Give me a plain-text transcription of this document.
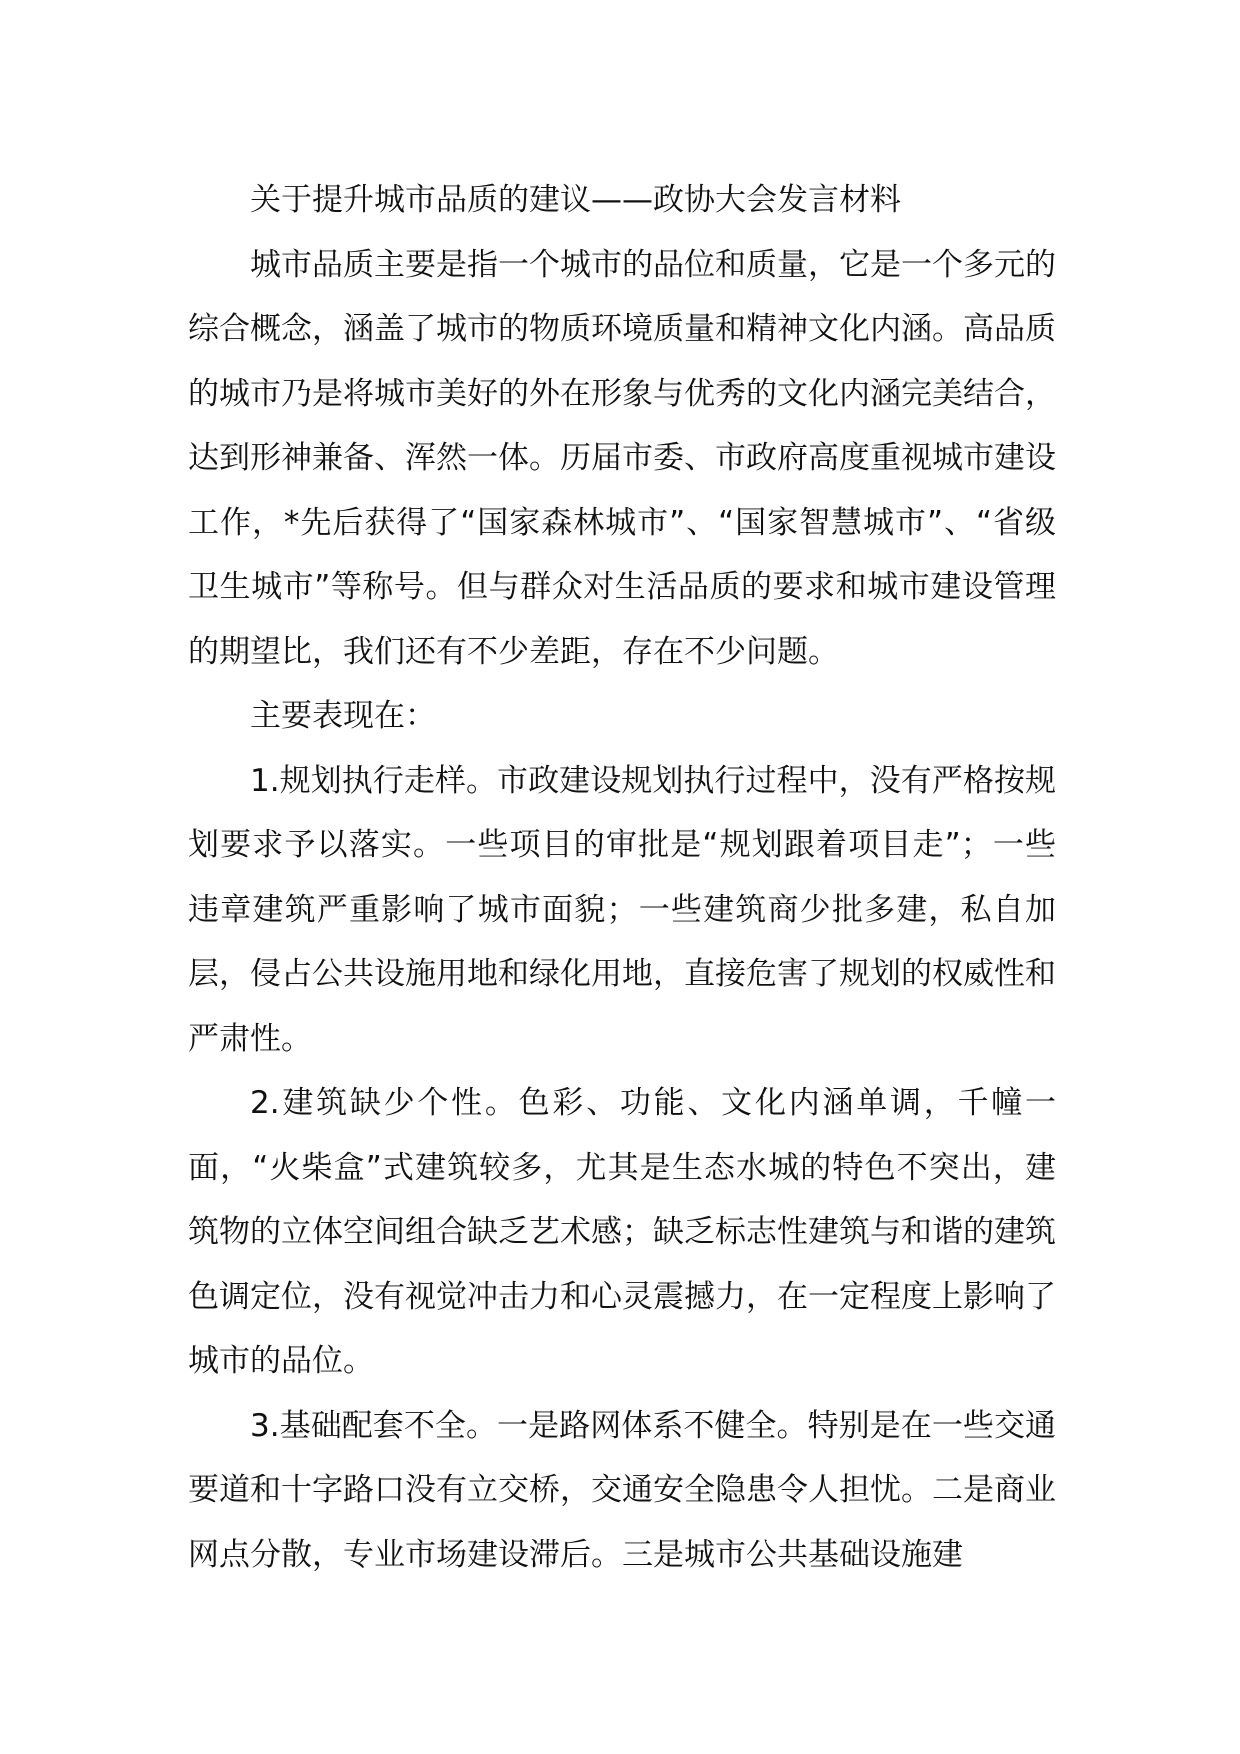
关于提升城市品质的建议——政协大会发言材料

城市品质主要是指一个城市的品位和质量，它是一个多元的综合概念，涵盖了城市的物质环境质量和精神文化内涵。高品质的城市乃是将城市美好的外在形象与优秀的文化内涵完美结合，达到形神兼备、浑然一体。历届市委、市政府高度重视城市建设工作，*先后获得了“国家森林城市”、“国家智慧城市”、“省级卫生城市”等称号。但与群众对生活品质的要求和城市建设管理的期望比，我们还有不少差距，存在不少问题。

主要表现在：

1.规划执行走样。市政建设规划执行过程中，没有严格按规划要求予以落实。一些项目的审批是“规划跟着项目走”；一些违章建筑严重影响了城市面貌；一些建筑商少批多建，私自加层，侵占公共设施用地和绿化用地，直接危害了规划的权威性和严肃性。

2.建筑缺少个性。色彩、功能、文化内涵单调，千幢一面，“火柴盒”式建筑较多，尤其是生态水城的特色不突出，建筑物的立体空间组合缺乏艺术感；缺乏标志性建筑与和谐的建筑色调定位，没有视觉冲击力和心灵震撼力，在一定程度上影响了城市的品位。

3.基础配套不全。一是路网体系不健全。特别是在一些交通要道和十字路口没有立交桥，交通安全隐患令人担忧。二是商业网点分散，专业市场建设滞后。三是城市公共基础设施建
